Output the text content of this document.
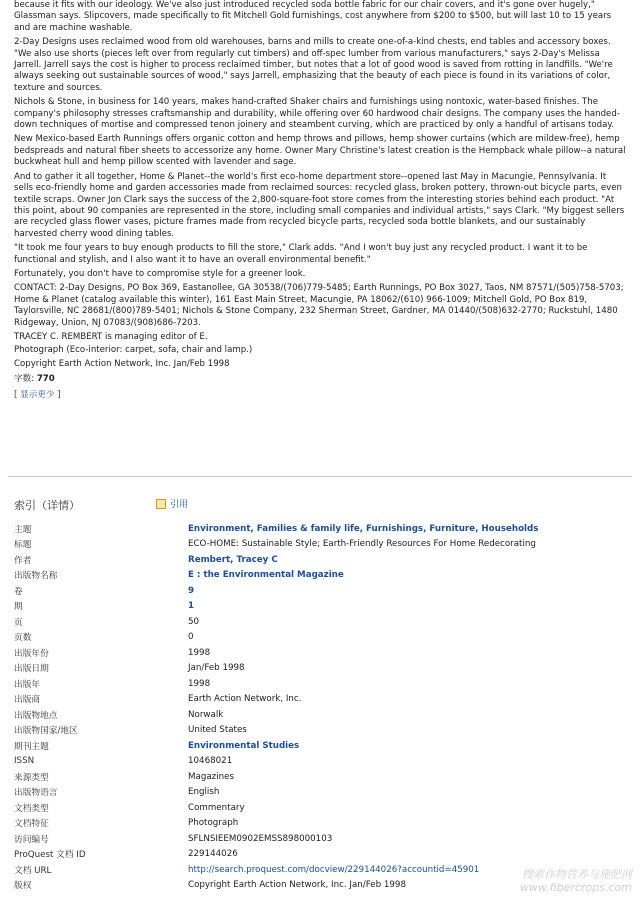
because it fits with our ideology. We've also just introduced recycled soda bottle fabric for our chair covers, and it's gone over hugely," Glassman says. Slipcovers, made specifically to fit Mitchell Gold furnishings, cost anywhere from $200 to $500, but will last 10 to 15 years and are machine washable.

2-Day Designs uses reclaimed wood from old warehouses, barns and mills to create one-of-a-kind chests, end tables and accessory boxes. "We also use shorts (pieces left over from regularly cut timbers) and off-spec lumber from various manufacturers," says 2-Day's Melissa Jarrell. Jarrell says the cost is higher to process reclaimed timber, but notes that a lot of good wood is saved from rotting in landfills. "We're always seeking out sustainable sources of wood," says Jarrell, emphasizing that the beauty of each piece is found in its variations of color, texture and sources.

Nichols & Stone, in business for 140 years, makes hand-crafted Shaker chairs and furnishings using nontoxic, water-based finishes. The company's philosophy stresses craftsmanship and durability, while offering over 60 hardwood chair designs. The company uses the handed-down techniques of mortise and compressed tenon joinery and steambent curving, which are practiced by only a handful of artisans today.

New Mexico-based Earth Runnings offers organic cotton and hemp throws and pillows, hemp shower curtains (which are mildew-free), hemp bedspreads and natural fiber sheets to accessorize any home. Owner Mary Christine's latest creation is the Hempback whale pillow--a natural buckwheat hull and hemp pillow scented with lavender and sage.

And to gather it all together, Home & Planet--the world's first eco-home department store--opened last May in Macungie, Pennsylvania. It sells eco-friendly home and garden accessories made from reclaimed sources: recycled glass, broken pottery, thrown-out bicycle parts, even textile scraps. Owner Jon Clark says the success of the 2,800-square-foot store comes from the interesting stories behind each product. "At this point, about 90 companies are represented in the store, including small companies and individual artists," says Clark. "My biggest sellers are recycled glass flower vases, picture frames made from recycled bicycle parts, recycled soda bottle blankets, and our sustainably harvested cherry wood dining tables.

"It took me four years to buy enough products to fill the store," Clark adds. "And I won't buy just any recycled product. I want it to be functional and stylish, and I also want it to have an overall environmental benefit."

Fortunately, you don't have to compromise style for a greener look.

CONTACT: 2-Day Designs, PO Box 369, Eastanollee, GA 30538/(706)779-5485; Earth Runnings, PO Box 3027, Taos, NM 87571/(505)758-5703; Home & Planet (catalog available this winter), 161 East Main Street, Macungie, PA 18062/(610) 966-1009; Mitchell Gold, PO Box 819, Taylorsville, NC 28681/(800)789-5401; Nichols & Stone Company, 232 Sherman Street, Gardner, MA 01440/(508)632-2770; Ruckstuhl, 1480 Ridgeway, Union, NJ 07083/(908)686-7203.

TRACEY C. REMBERT is managing editor of E.

Photograph (Eco-interior: carpet, sofa, chair and lamp.)

Copyright Earth Action Network, Inc. Jan/Feb 1998

字数: 770
[ 显示更少 ]
索引（详情）	引用
主题	Environment, Families & family life, Furnishings, Furniture, Households
标题	ECO-HOME: Sustainable Style; Earth-Friendly Resources For Home Redecorating
作者	Rembert, Tracey C
出版物名称	E : the Environmental Magazine
卷	9
期	1
页	50
页数	0
出版年份	1998
出版日期	Jan/Feb 1998
出版年	1998
出版商	Earth Action Network, Inc.
出版物地点	Norwalk
出版物国家/地区	United States
期刊主题	Environmental Studies
ISSN	10468021
来源类型	Magazines
出版物语言	English
文档类型	Commentary
文档特征	Photograph
访问编号	SFLNSIEEM0902EMSS898000103
ProQuest 文档 ID	229144026
文档 URL	http://search.proquest.com/docview/229144026?accountid=45901
版权	Copyright Earth Action Network, Inc. Jan/Feb 1998
搜索作物营养与施肥网
www.fibercrops.com
